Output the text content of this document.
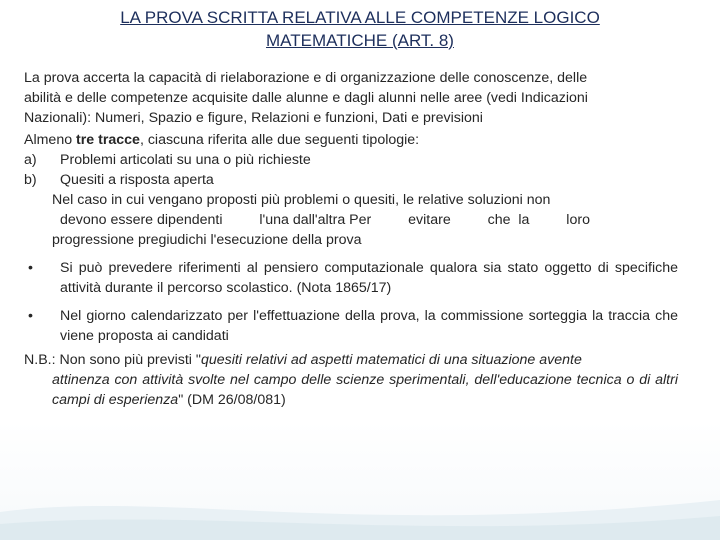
LA PROVA SCRITTA RELATIVA ALLE COMPETENZE LOGICO
MATEMATICHE (ART. 8)
La prova accerta la capacità di rielaborazione e di organizzazione delle conoscenze, delle
abilità e delle competenze acquisite dalle alunne e dagli alunni nelle aree (vedi Indicazioni
Nazionali): Numeri, Spazio e figure, Relazioni e funzioni, Dati e previsioni
Almeno tre tracce, ciascuna riferita alle due seguenti tipologie:
a)	Problemi articolati su una o più richieste
b)	Quesiti a risposta aperta
Nel caso in cui vengano proposti più problemi o quesiti, le relative soluzioni non
devono essere dipendenti	l'una dall'altra Per	evitare	che  la	loro
progressione pregiudichi l'esecuzione della prova
•	Si può prevedere riferimenti al pensiero computazionale qualora sia stato oggetto di specifiche attività durante il percorso scolastico. (Nota 1865/17)
•	Nel giorno calendarizzato per l'effettuazione della prova, la commissione sorteggia la traccia che viene proposta ai candidati
N.B.: Non sono più previsti "quesiti relativi ad aspetti matematici di una situazione avente
attinenza con attività svolte nel campo delle scienze sperimentali, dell'educazione tecnica o di altri campi di esperienza" (DM 26/08/081)
